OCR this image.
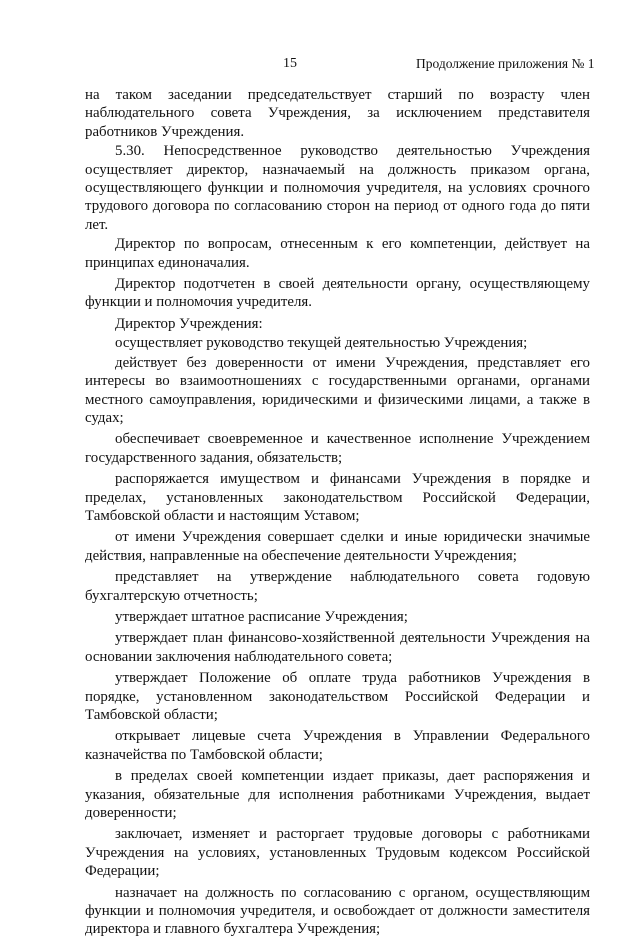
15	Продолжение приложения № 1

на таком заседании председательствует старший по возрасту член наблюдательного совета Учреждения, за исключением представителя работников Учреждения.

5.30. Непосредственное руководство деятельностью Учреждения осуществляет директор, назначаемый на должность приказом органа, осуществляющего функции и полномочия учредителя, на условиях срочного трудового договора по согласованию сторон на период от одного года до пяти лет.

Директор по вопросам, отнесенным к его компетенции, действует на принципах единоначалия.

Директор подотчетен в своей деятельности органу, осуществляющему функции и полномочия учредителя.

Директор Учреждения:

осуществляет руководство текущей деятельностью Учреждения;

действует без доверенности от имени Учреждения, представляет его интересы во взаимоотношениях с государственными органами, органами местного самоуправления, юридическими и физическими лицами, а также в судах;

обеспечивает своевременное и качественное исполнение Учреждением государственного задания, обязательств;

распоряжается имуществом и финансами Учреждения в порядке и пределах, установленных законодательством Российской Федерации, Тамбовской области и настоящим Уставом;

от имени Учреждения совершает сделки и иные юридически значимые действия, направленные на обеспечение деятельности Учреждения;

представляет на утверждение наблюдательного совета годовую бухгалтерскую отчетность;

утверждает штатное расписание Учреждения;

утверждает план финансово-хозяйственной деятельности Учреждения на основании заключения наблюдательного совета;

утверждает Положение об оплате труда работников Учреждения в порядке, установленном законодательством Российской Федерации и Тамбовской области;

открывает лицевые счета Учреждения в Управлении Федерального казначейства по Тамбовской области;

в пределах своей компетенции издает приказы, дает распоряжения и указания, обязательные для исполнения работниками Учреждения, выдает доверенности;

заключает, изменяет и расторгает трудовые договоры с работниками Учреждения на условиях, установленных Трудовым кодексом Российской Федерации;

назначает на должность по согласованию с органом, осуществляющим функции и полномочия учредителя, и освобождает от должности заместителя директора и главного бухгалтера Учреждения;
